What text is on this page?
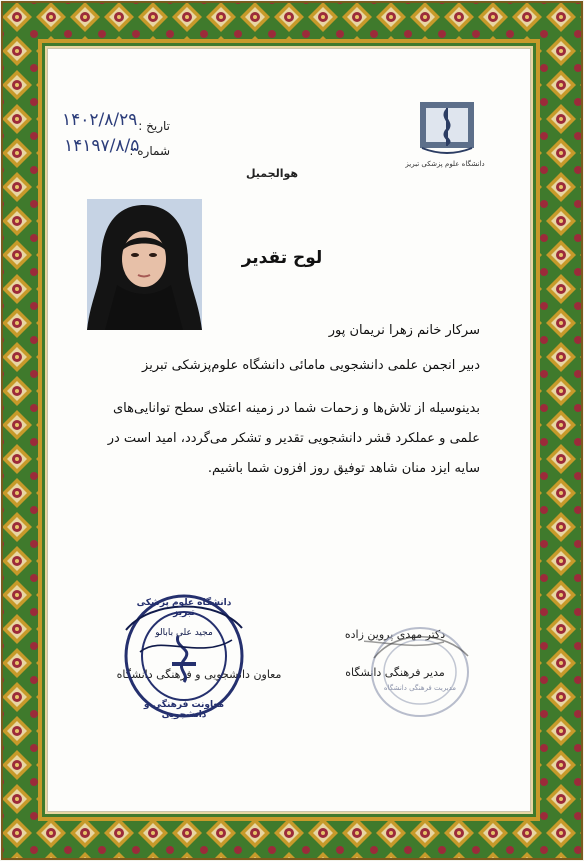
دانشگاه علوم پزشکی تبریز
تاریخ :
۱۴۰۲/۸/۲۹
شماره :
۱۴۱۹۷/۸/۵
هوالجمیل
لوح تقدیر
سرکار خانم زهرا نریمان پور
دبیر انجمن علمی دانشجویی مامائی دانشگاه علوم‌پزشکی تبریز
بدینوسیله از تلاش‌ها و زحمات شما در زمینه اعتلای سطح توانایی‌های
علمی و عملکرد قشر دانشجویی تقدیر و تشکر می‌گردد، امید است در
سایه ایزد منان شاهد توفیق روز افزون شما باشیم.
دکتر مهدی پروین زاده
مدیر فرهنگی دانشگاه
مدیریت فرهنگی دانشگاه
معاون دانشجویی و فرهنگی دانشگاه
دانشگاه علوم پزشکی تبریز
مجید علی بابالو
معاونت فرهنگی و دانشجویی
